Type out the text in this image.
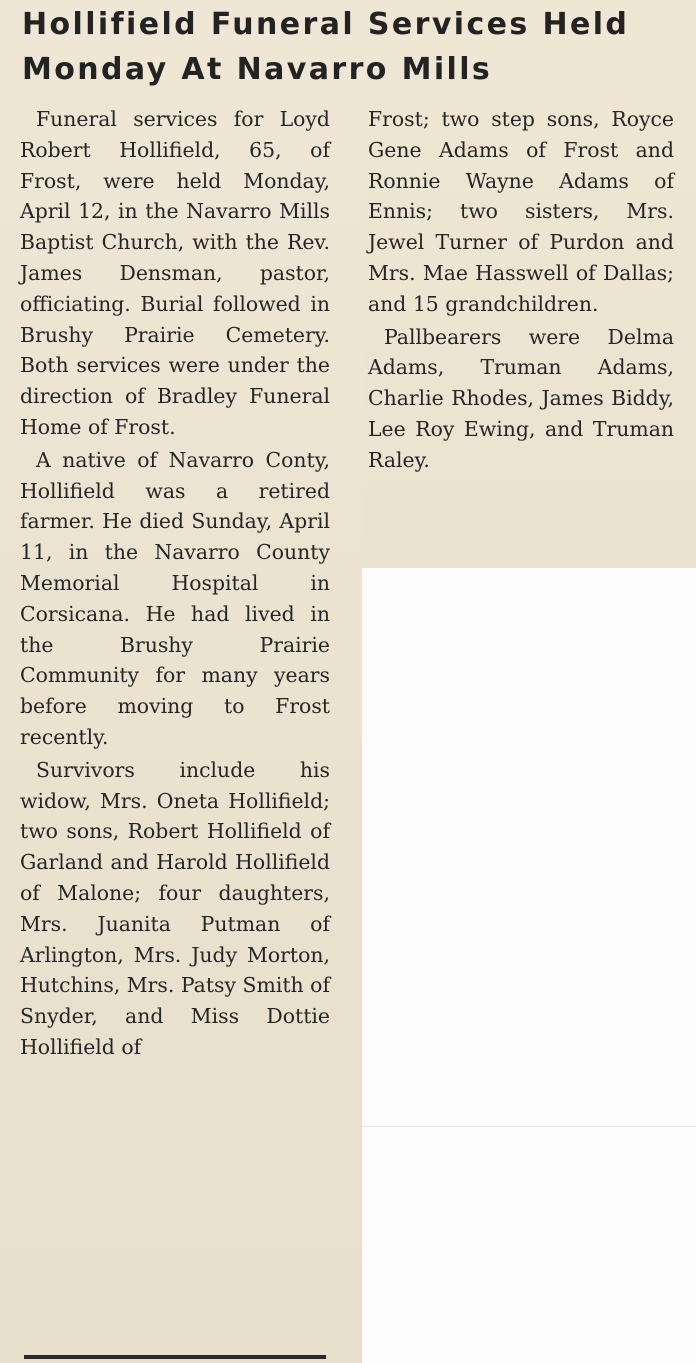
Hollifield Funeral Services Held
Monday At Navarro Mills

Funeral services for Loyd Robert Hollifield, 65, of Frost, were held Monday, April 12, in the Navarro Mills Baptist Church, with the Rev. James Densman, pastor, officiating. Burial followed in Brushy Prairie Cemetery. Both services were under the direction of Bradley Funeral Home of Frost.

A native of Navarro Conty, Hollifield was a retired farmer. He died Sunday, April 11, in the Navarro County Memorial Hospital in Corsicana. He had lived in the Brushy Prairie Community for many years before moving to Frost recently.

Survivors include his widow, Mrs. Oneta Hollifield; two sons, Robert Hollifield of Garland and Harold Hollifield of Malone; four daughters, Mrs. Juanita Putman of Arlington, Mrs. Judy Morton, Hutchins, Mrs. Patsy Smith of Snyder, and Miss Dottie Hollifield of

Frost; two step sons, Royce Gene Adams of Frost and Ronnie Wayne Adams of Ennis; two sisters, Mrs. Jewel Turner of Purdon and Mrs. Mae Hasswell of Dallas; and 15 grandchildren.

Pallbearers were Delma Adams, Truman Adams, Charlie Rhodes, James Biddy, Lee Roy Ewing, and Truman Raley.
